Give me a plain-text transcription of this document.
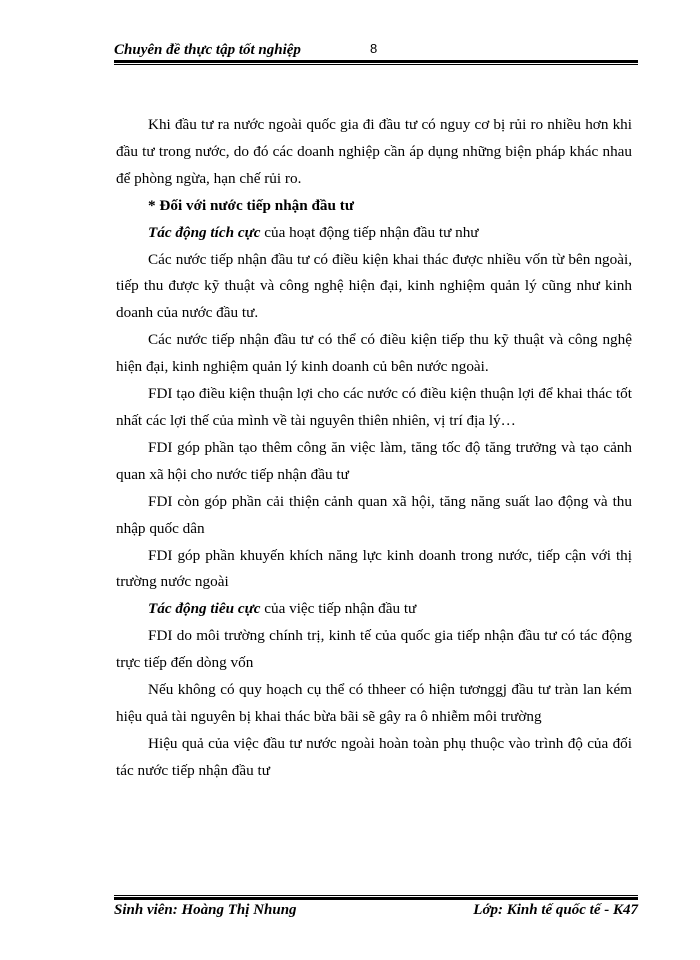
Chuyên đề thực tập tốt nghiệp	8

Khi đầu tư ra nước ngoài quốc gia đi đầu tư có nguy cơ bị rủi ro nhiều hơn khi đầu tư trong nước, do đó các doanh nghiệp cần áp dụng những biện pháp khác nhau để phòng ngừa, hạn chế rủi ro.

* Đối với nước tiếp nhận đầu tư

Tác động tích cực của hoạt động tiếp nhận đầu tư như

Các nước tiếp nhận đầu tư có điều kiện khai thác được nhiều vốn từ bên ngoài, tiếp thu được kỹ thuật và công nghệ hiện đại, kinh nghiệm quản lý cũng như kinh doanh của nước đầu tư.

Các nước tiếp nhận đầu tư có thể có điều kiện tiếp thu kỹ thuật và công nghệ hiện đại, kinh nghiệm quản lý kinh doanh củ bên nước ngoài.

FDI tạo điều kiện thuận lợi cho các nước có điều kiện thuận lợi để khai thác tốt nhất các lợi thế của mình về tài nguyên thiên nhiên, vị trí địa lý…

FDI góp phần tạo thêm công ăn việc làm, tăng tốc độ tăng trưởng và tạo cảnh quan xã hội cho nước tiếp nhận đầu tư

FDI còn góp phần cải thiện cảnh quan xã hội, tăng năng suất lao động và thu nhập quốc dân

FDI góp phần khuyến khích năng lực kinh doanh trong nước, tiếp cận với thị trường nước ngoài

Tác động tiêu cực của việc tiếp nhận đầu tư

FDI do môi trường chính trị, kinh tế của quốc gia tiếp nhận đầu tư có tác động trực tiếp đến dòng vốn

Nếu không có quy hoạch cụ thể có thheer có hiện tươnggj đầu tư tràn lan kém hiệu quả tài nguyên bị khai thác bừa bãi sẽ gây ra ô nhiễm môi trường

Hiệu quả của việc đầu tư nước ngoài hoàn toàn phụ thuộc vào trình độ của đối tác nước tiếp nhận đầu tư

Sinh viên: Hoàng Thị Nhung	Lớp: Kinh tế quốc tế - K47
